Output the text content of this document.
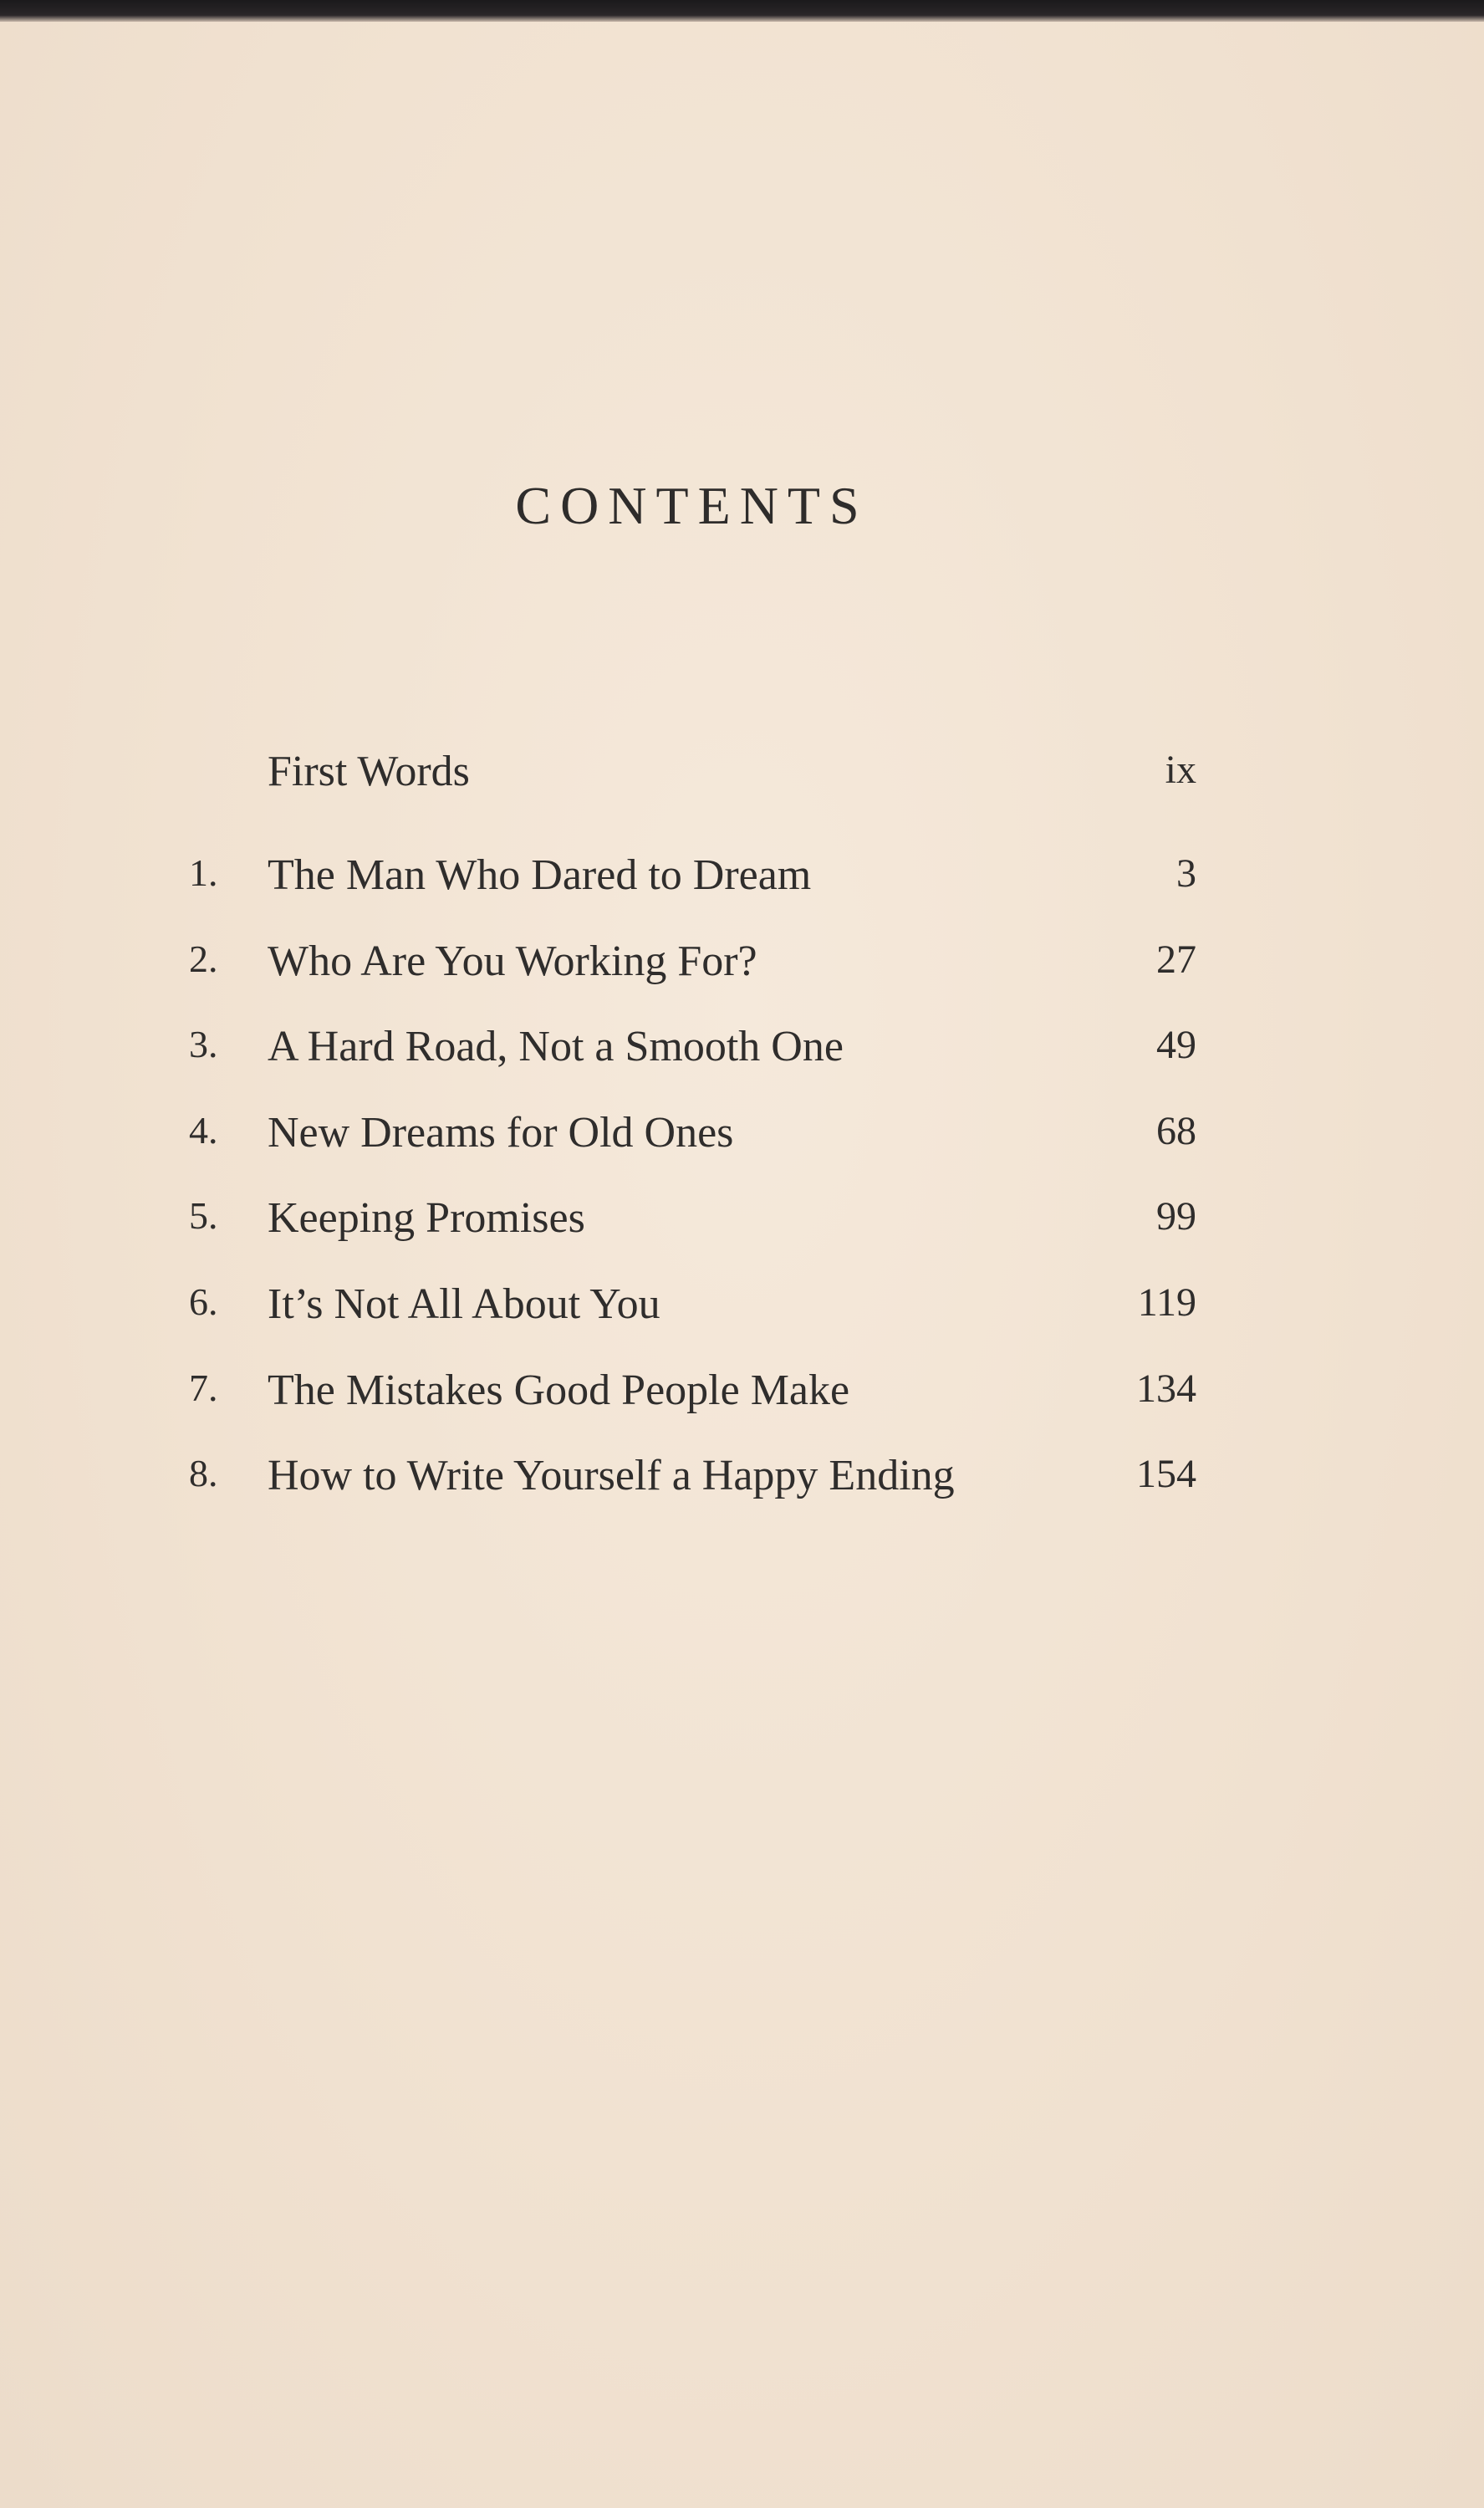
CONTENTS
First Words	ix
1. The Man Who Dared to Dream	3
2. Who Are You Working For?	27
3. A Hard Road, Not a Smooth One	49
4. New Dreams for Old Ones	68
5. Keeping Promises	99
6. It’s Not All About You	119
7. The Mistakes Good People Make	134
8. How to Write Yourself a Happy Ending	154
